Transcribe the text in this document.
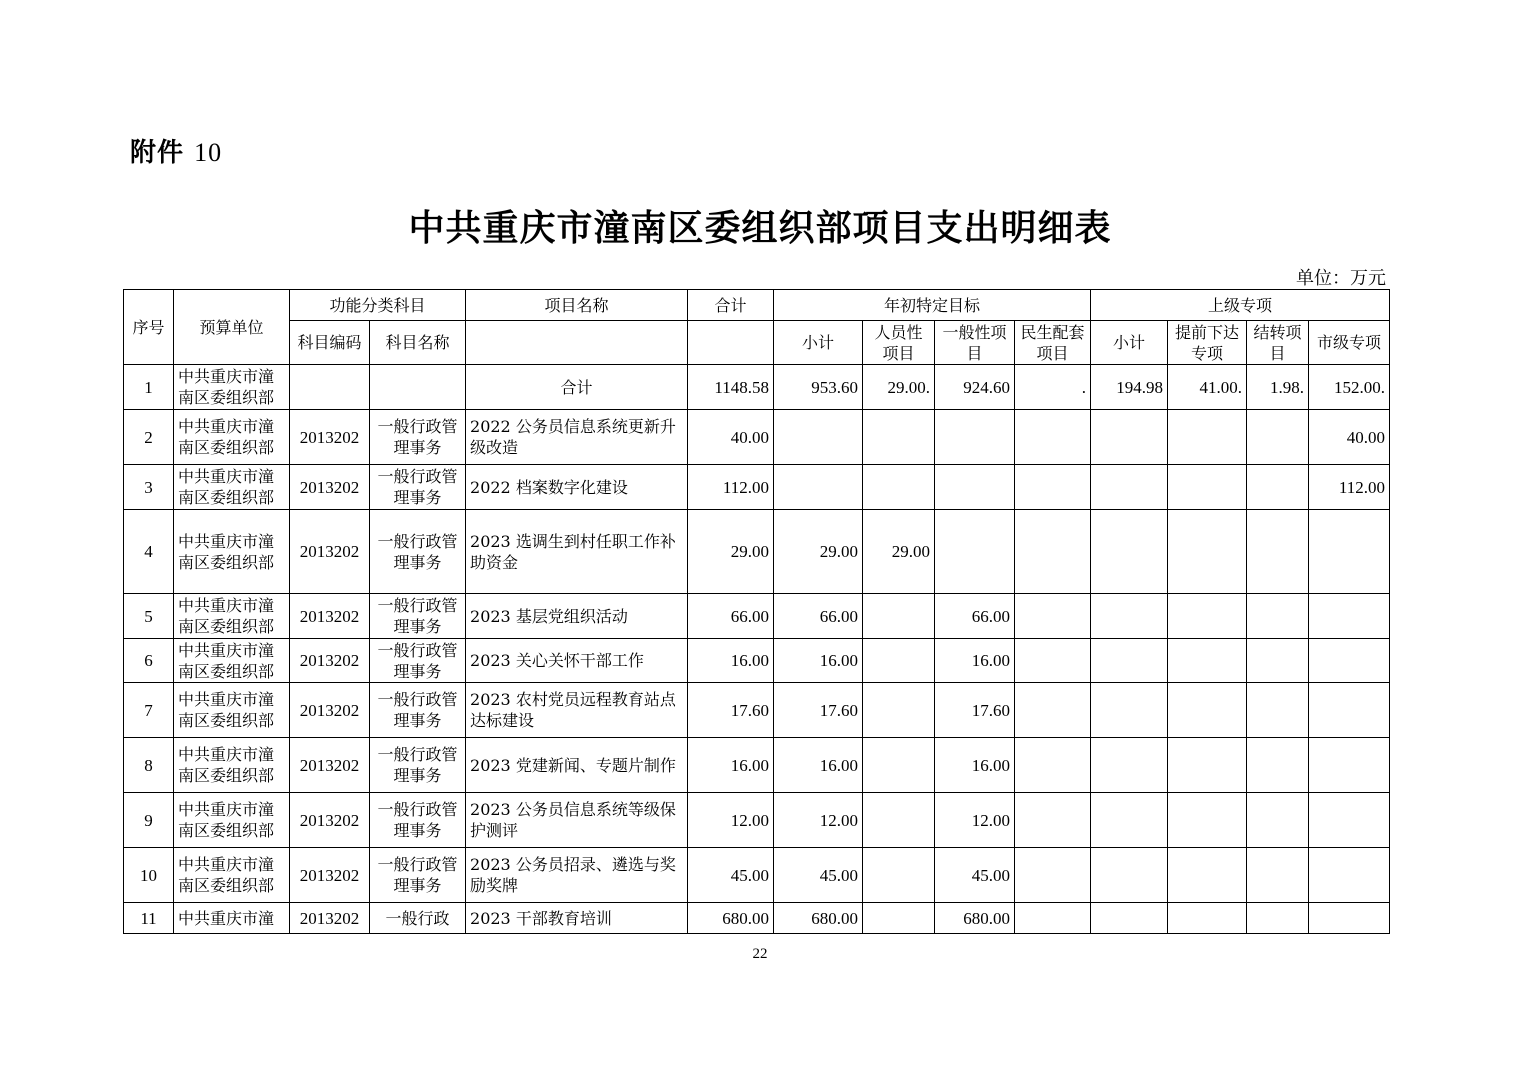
附件 10
中共重庆市潼南区委组织部项目支出明细表
单位：万元
序号	预算单位	功能分类科目		项目名称	合计	年初特定目标				上级专项			
		科目编码	科目名称			小计	人员性项目	一般性项目	民生配套项目	小计	提前下达专项	结转项目	市级专项
1	中共重庆市潼南区委组织部			合计	1148.58	953.60	29.00.	924.60	.	194.98	41.00.	1.98.	152.00.
2	中共重庆市潼南区委组织部	2013202	一般行政管理事务	2022 公务员信息系统更新升级改造	40.00								40.00
3	中共重庆市潼南区委组织部	2013202	一般行政管理事务	2022 档案数字化建设	112.00								112.00
4	中共重庆市潼南区委组织部	2013202	一般行政管理事务	2023 选调生到村任职工作补助资金	29.00	29.00	29.00						
5	中共重庆市潼南区委组织部	2013202	一般行政管理事务	2023 基层党组织活动	66.00	66.00		66.00					
6	中共重庆市潼南区委组织部	2013202	一般行政管理事务	2023 关心关怀干部工作	16.00	16.00		16.00					
7	中共重庆市潼南区委组织部	2013202	一般行政管理事务	2023 农村党员远程教育站点达标建设	17.60	17.60		17.60					
8	中共重庆市潼南区委组织部	2013202	一般行政管理事务	2023 党建新闻、专题片制作	16.00	16.00		16.00					
9	中共重庆市潼南区委组织部	2013202	一般行政管理事务	2023 公务员信息系统等级保护测评	12.00	12.00		12.00					
10	中共重庆市潼南区委组织部	2013202	一般行政管理事务	2023 公务员招录、遴选与奖励奖牌	45.00	45.00		45.00					
11	中共重庆市潼	2013202	一般行政	2023 干部教育培训	680.00	680.00		680.00					
22
